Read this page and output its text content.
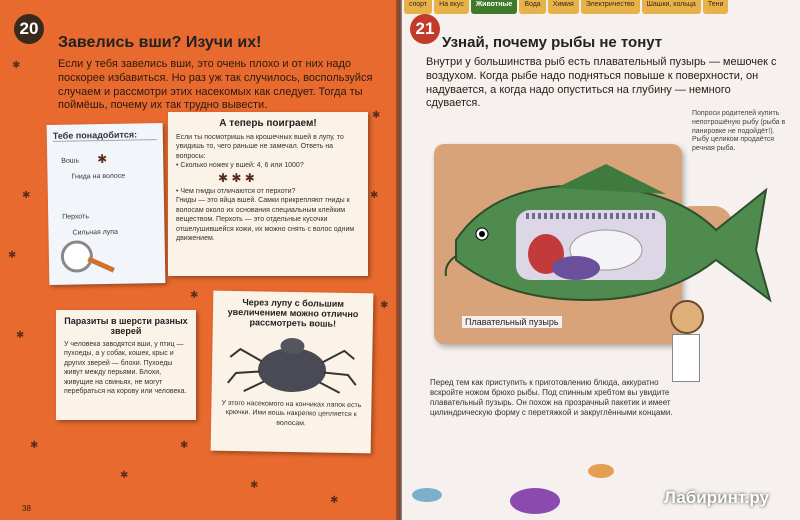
✱
✱
✱
✱
✱
✱
✱
✱
✱
✱
✱
✱
✱
20
Завелись вши? Изучи их!
Если у тебя завелись вши, это очень плохо и от них надо поскорее избавиться. Но раз уж так случилось, воспользуйся случаем и рассмотри этих насекомых как следует. Тогда ты поймёшь, почему их так трудно вывести.
Тебе понадобится:
Вошь
Гнида на волосе
Перхоть
Сильная лупа
✱
А теперь поиграем!
Если ты посмотришь на крошечных вшей в лупу, то увидишь то, чего раньше не замечал. Ответь на вопросы:
• Сколько ножек у вшей: 4, 6 или 1000?
✱ ✱ ✱
• Чем гниды отличаются от перхоти?
Гниды — это яйца вшей. Самки прикрепляют гниды к волосам около их основания специальным клейким веществом. Перхоть — это отдельные кусочки отшелушившейся кожи, их можно снять с волос одним движением.
Паразиты в шерсти разных зверей
У человека заводятся вши, у птиц — пухоеды, а у собак, кошек, крыс и других зверей — блохи. Пухоеды живут между перьями. Блохи, живущие на свиньях, не могут перебраться на корову или человека.
Через лупу с большим увеличением можно отлично рассмотреть вошь!
У этого насекомого на кончиках лапок есть крючки. Ими вошь накрепко цепляется к волосам.
38
спорт	На вкус	Животные	Вода	Химия	Электричество	Шашки, кольца	Тени
21
Узнай, почему рыбы не тонут
Внутри у большинства рыб есть плавательный пузырь — мешочек с воздухом. Когда рыбе надо подняться повыше к поверхности, он надувается, а когда надо опуститься на глубину — немного сдувается.
Попроси родителей купить непотрошёную рыбу (рыба в панировке не подойдёт!). Рыбу целиком продаётся речная рыба.
Плавательный пузырь
Перед тем как приступить к приготовлению блюда, аккуратно вскройте ножом брюхо рыбы. Под спинным хребтом вы увидите плавательный пузырь. Он похож на прозрачный пакетик и имеет цилиндрическую форму с перетяжкой и закруглёнными концами.
Лабиринт.ру
